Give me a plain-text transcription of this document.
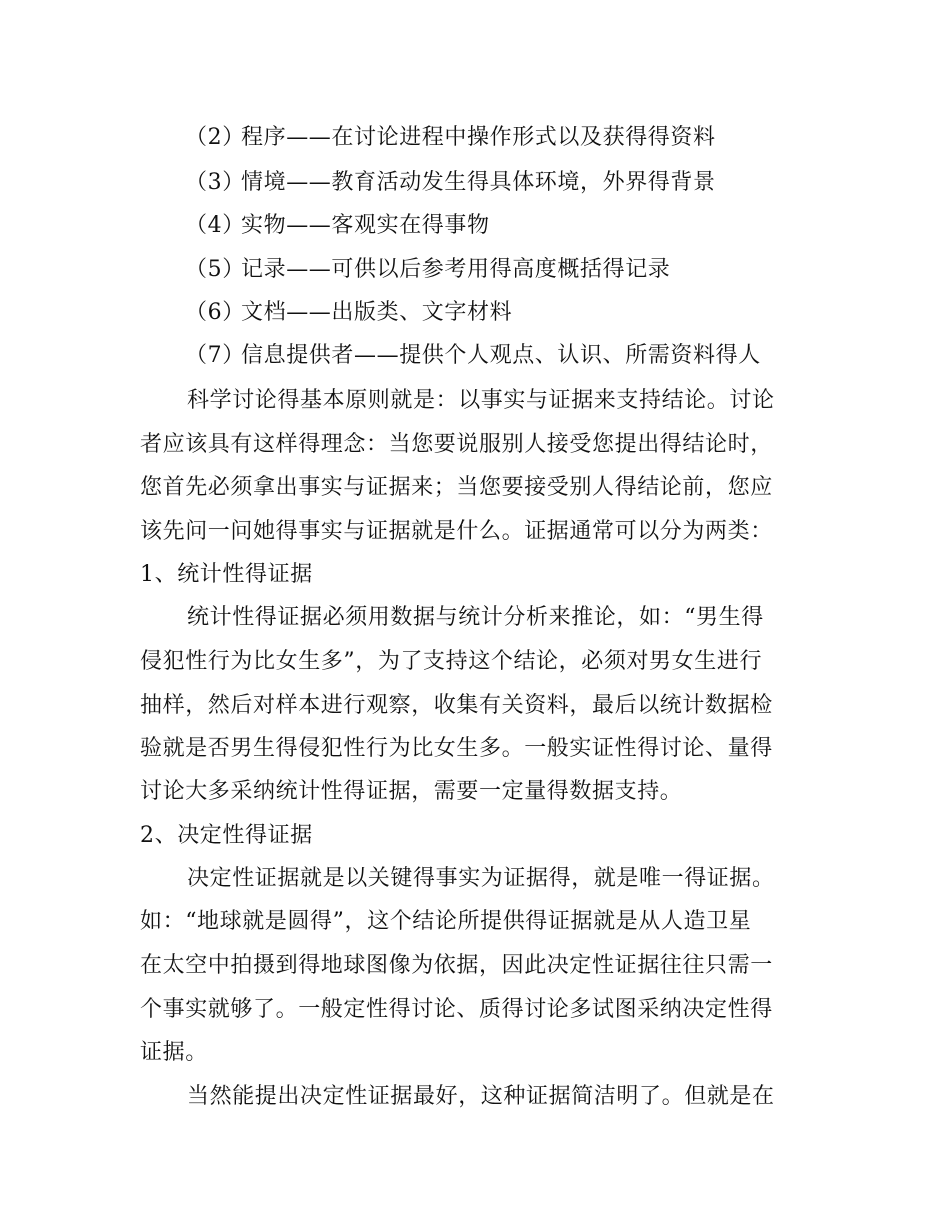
（2）程序——在讨论进程中操作形式以及获得得资料
（3）情境——教育活动发生得具体环境，外界得背景
（4）实物——客观实在得事物
（5）记录——可供以后参考用得高度概括得记录
（6）文档——出版类、文字材料
（7）信息提供者——提供个人观点、认识、所需资料得人
科学讨论得基本原则就是：以事实与证据来支持结论。讨论
者应该具有这样得理念：当您要说服别人接受您提出得结论时，
您首先必须拿出事实与证据来；当您要接受别人得结论前，您应
该先问一问她得事实与证据就是什么。证据通常可以分为两类：
1、统计性得证据
统计性得证据必须用数据与统计分析来推论，如：“男生得
侵犯性行为比女生多”，为了支持这个结论，必须对男女生进行
抽样，然后对样本进行观察，收集有关资料，最后以统计数据检
验就是否男生得侵犯性行为比女生多。一般实证性得讨论、量得
讨论大多采纳统计性得证据，需要一定量得数据支持。
2、决定性得证据
决定性证据就是以关键得事实为证据得，就是唯一得证据。
如：“地球就是圆得”，这个结论所提供得证据就是从人造卫星
在太空中拍摄到得地球图像为依据，因此决定性证据往往只需一
个事实就够了。一般定性得讨论、质得讨论多试图采纳决定性得
证据。
当然能提出决定性证据最好，这种证据简洁明了。但就是在
